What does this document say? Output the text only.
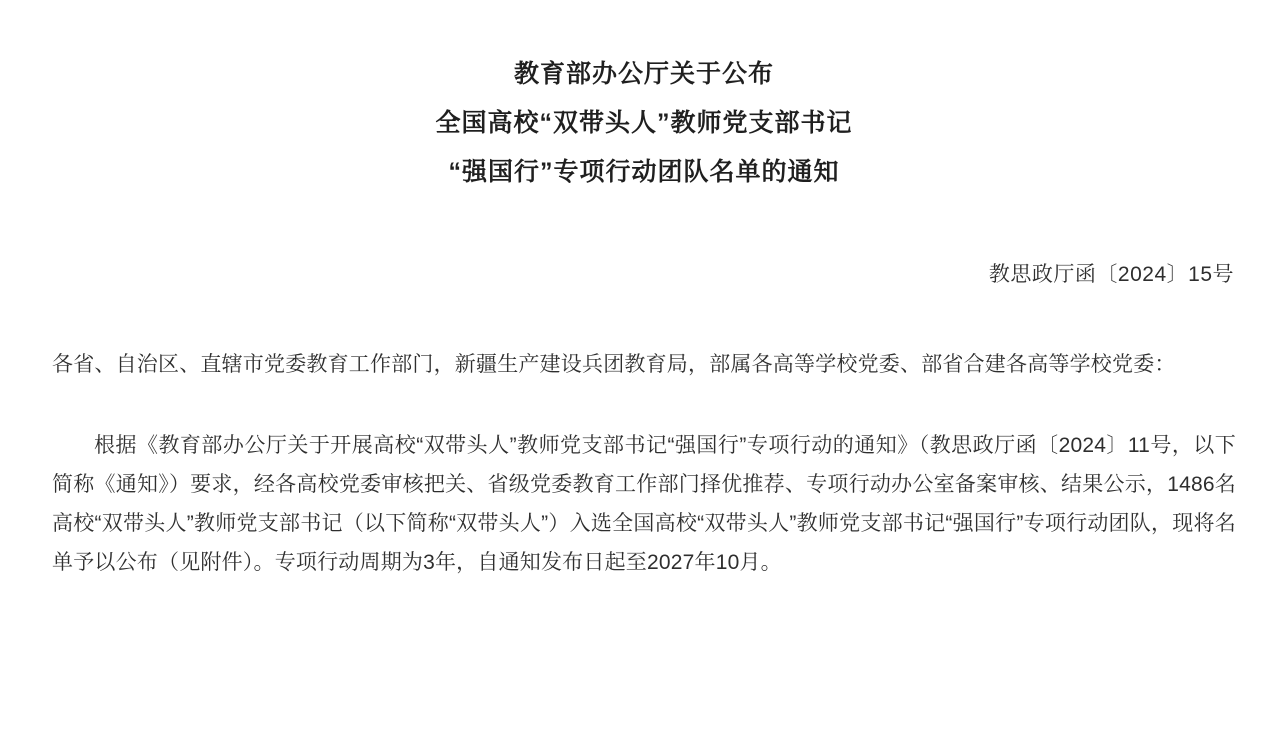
教育部办公厅关于公布
全国高校“双带头人”教师党支部书记
“强国行”专项行动团队名单的通知
教思政厅函〔2024〕15号
各省、自治区、直辖市党委教育工作部门，新疆生产建设兵团教育局，部属各高等学校党委、部省合建各高等学校党委：
根据《教育部办公厅关于开展高校“双带头人”教师党支部书记“强国行”专项行动的通知》（教思政厅函〔2024〕11号，以下简称《通知》）要求，经各高校党委审核把关、省级党委教育工作部门择优推荐、专项行动办公室备案审核、结果公示，1486名高校“双带头人”教师党支部书记（以下简称“双带头人”）入选全国高校“双带头人”教师党支部书记“强国行”专项行动团队，现将名单予以公布（见附件）。专项行动周期为3年，自通知发布日起至2027年10月。
